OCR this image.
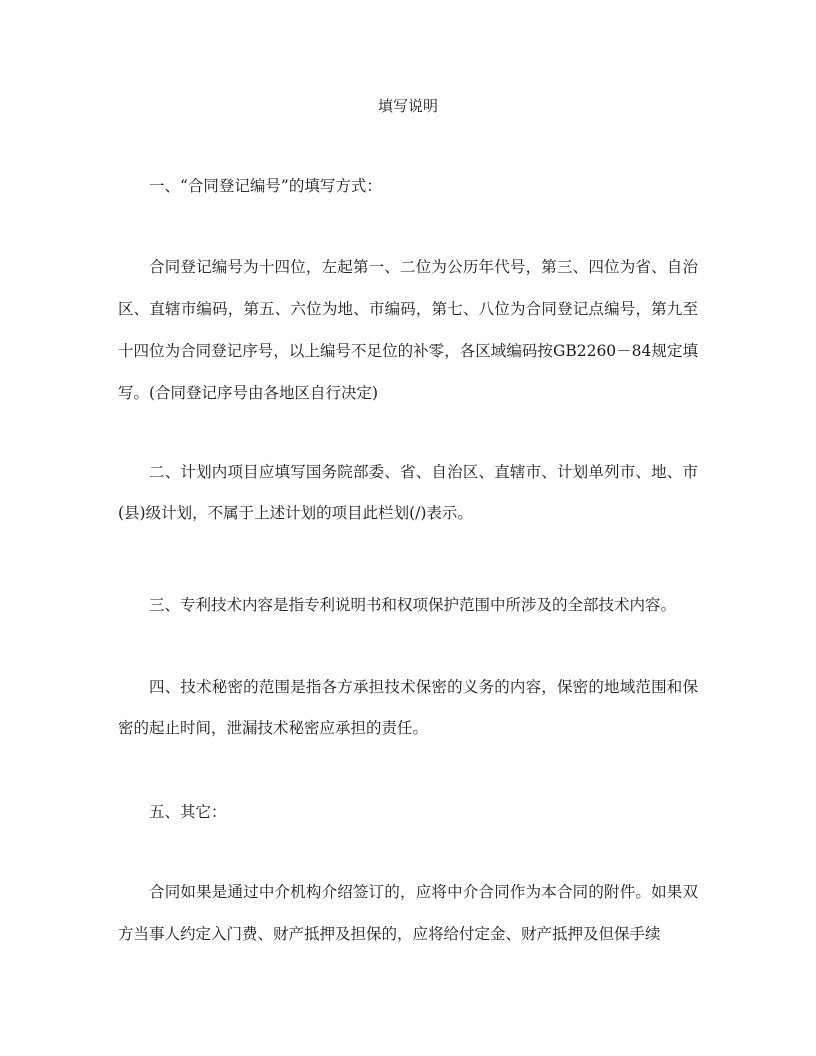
填写说明
一、“合同登记编号”的填写方式：
合同登记编号为十四位，左起第一、二位为公历年代号，第三、四位为省、自治区、直辖市编码，第五、六位为地、市编码，第七、八位为合同登记点编号，第九至十四位为合同登记序号，以上编号不足位的补零，各区域编码按GB2260－84规定填写。(合同登记序号由各地区自行决定)
二、计划内项目应填写国务院部委、省、自治区、直辖市、计划单列市、地、市(县)级计划，不属于上述计划的项目此栏划(/)表示。
三、专利技术内容是指专利说明书和权项保护范围中所涉及的全部技术内容。
四、技术秘密的范围是指各方承担技术保密的义务的内容，保密的地域范围和保密的起止时间，泄漏技术秘密应承担的责任。
五、其它：
合同如果是通过中介机构介绍签订的，应将中介合同作为本合同的附件。如果双方当事人约定入门费、财产抵押及担保的，应将给付定金、财产抵押及但保手续
